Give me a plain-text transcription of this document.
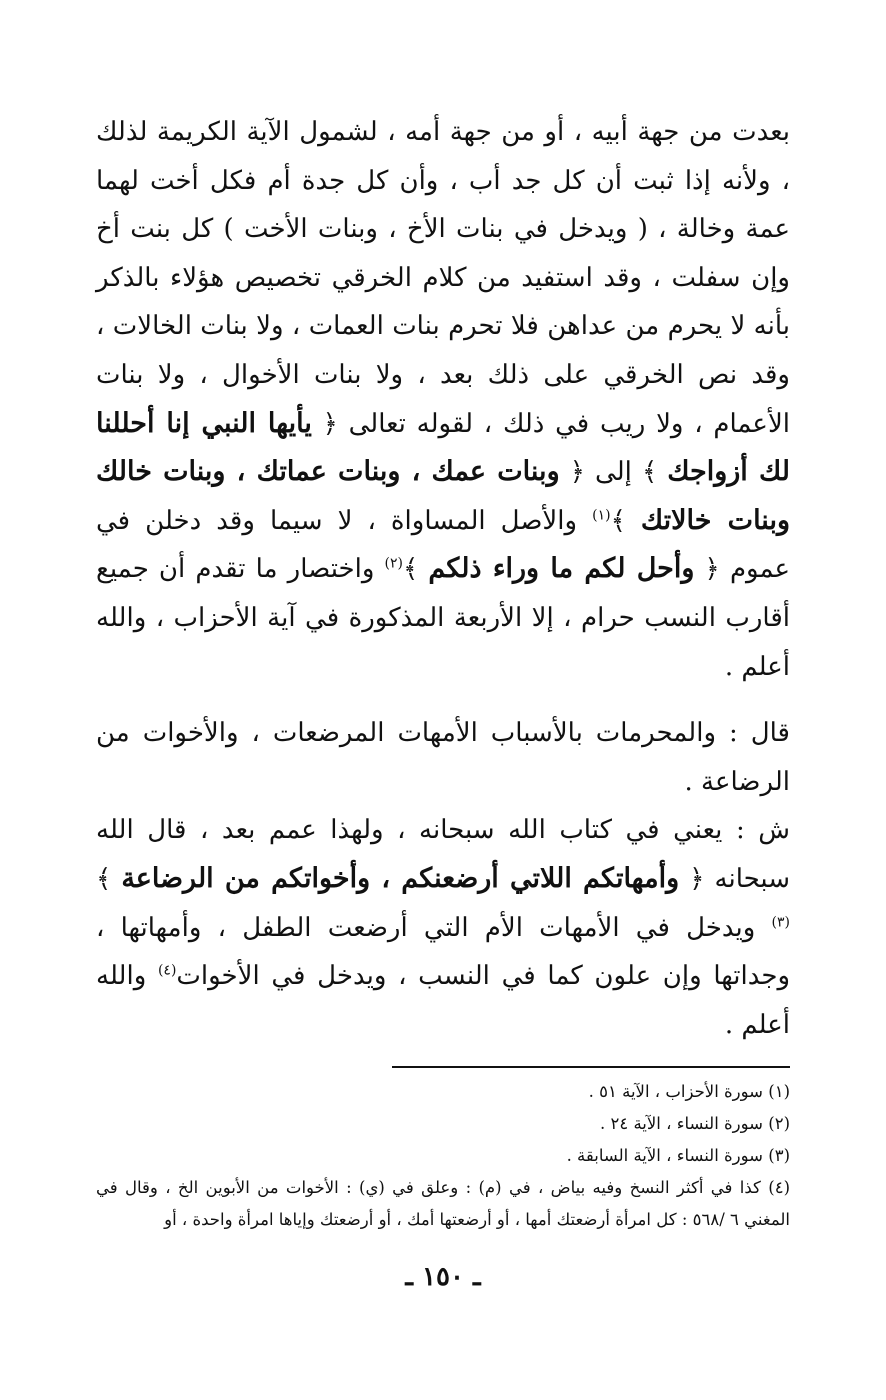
بعدت من جهة أبيه ، أو من جهة أمه ، لشمول الآية الكريمة لذلك ، ولأنه إذا ثبت أن كل جد أب ، وأن كل جدة أم فكل أخت لهما عمة وخالة ، ( ويدخل في بنات الأخ ، وبنات الأخت ) كل بنت أخ وإن سفلت ، وقد استفيد من كلام الخرقي تخصيص هؤلاء بالذكر بأنه لا يحرم من عداهن فلا تحرم بنات العمات ، ولا بنات الخالات ، وقد نص الخرقي على ذلك بعد ، ولا بنات الأخوال ، ولا بنات الأعمام ، ولا ريب في ذلك ، لقوله تعالى ﴿ يأيها النبي إنا أحللنا لك أزواجك ﴾ إلى ﴿ وبنات عمك ، وبنات عماتك ، وبنات خالك وبنات خالاتك ﴾$^{(١)}$ والأصل المساواة ، لا سيما وقد دخلن في عموم ﴿ وأحل لكم ما وراء ذلكم ﴾$^{(٢)}$ واختصار ما تقدم أن جميع أقارب النسب حرام ، إلا الأربعة المذكورة في آية الأحزاب ، والله أعلم .

قال : والمحرمات بالأسباب الأمهات المرضعات ، والأخوات من الرضاعة .

ش : يعني في كتاب الله سبحانه ، ولهذا عمم بعد ، قال الله سبحانه ﴿ وأمهاتكم اللاتي أرضعنكم ، وأخواتكم من الرضاعة ﴾$^{(٣)}$ ويدخل في الأمهات الأم التي أرضعت الطفل ، وأمهاتها ، وجداتها وإن علون كما في النسب ، ويدخل في الأخوات$^{(٤)}$ والله أعلم .

(١) سورة الأحزاب ، الآية ٥١ .

(٢) سورة النساء ، الآية ٢٤ .

(٣) سورة النساء ، الآية السابقة .

(٤) كذا في أكثر النسخ وفيه بياض ، في (م) : وعلق في (ي) : الأخوات من الأبوين الخ ، وقال في المغني ٦ /٥٦٨ : كل امرأة أرضعتك أمها ، أو أرضعتها أمك ، أو أرضعتك وإياها امرأة واحدة ، أو

ـ ١٥٠ ـ
